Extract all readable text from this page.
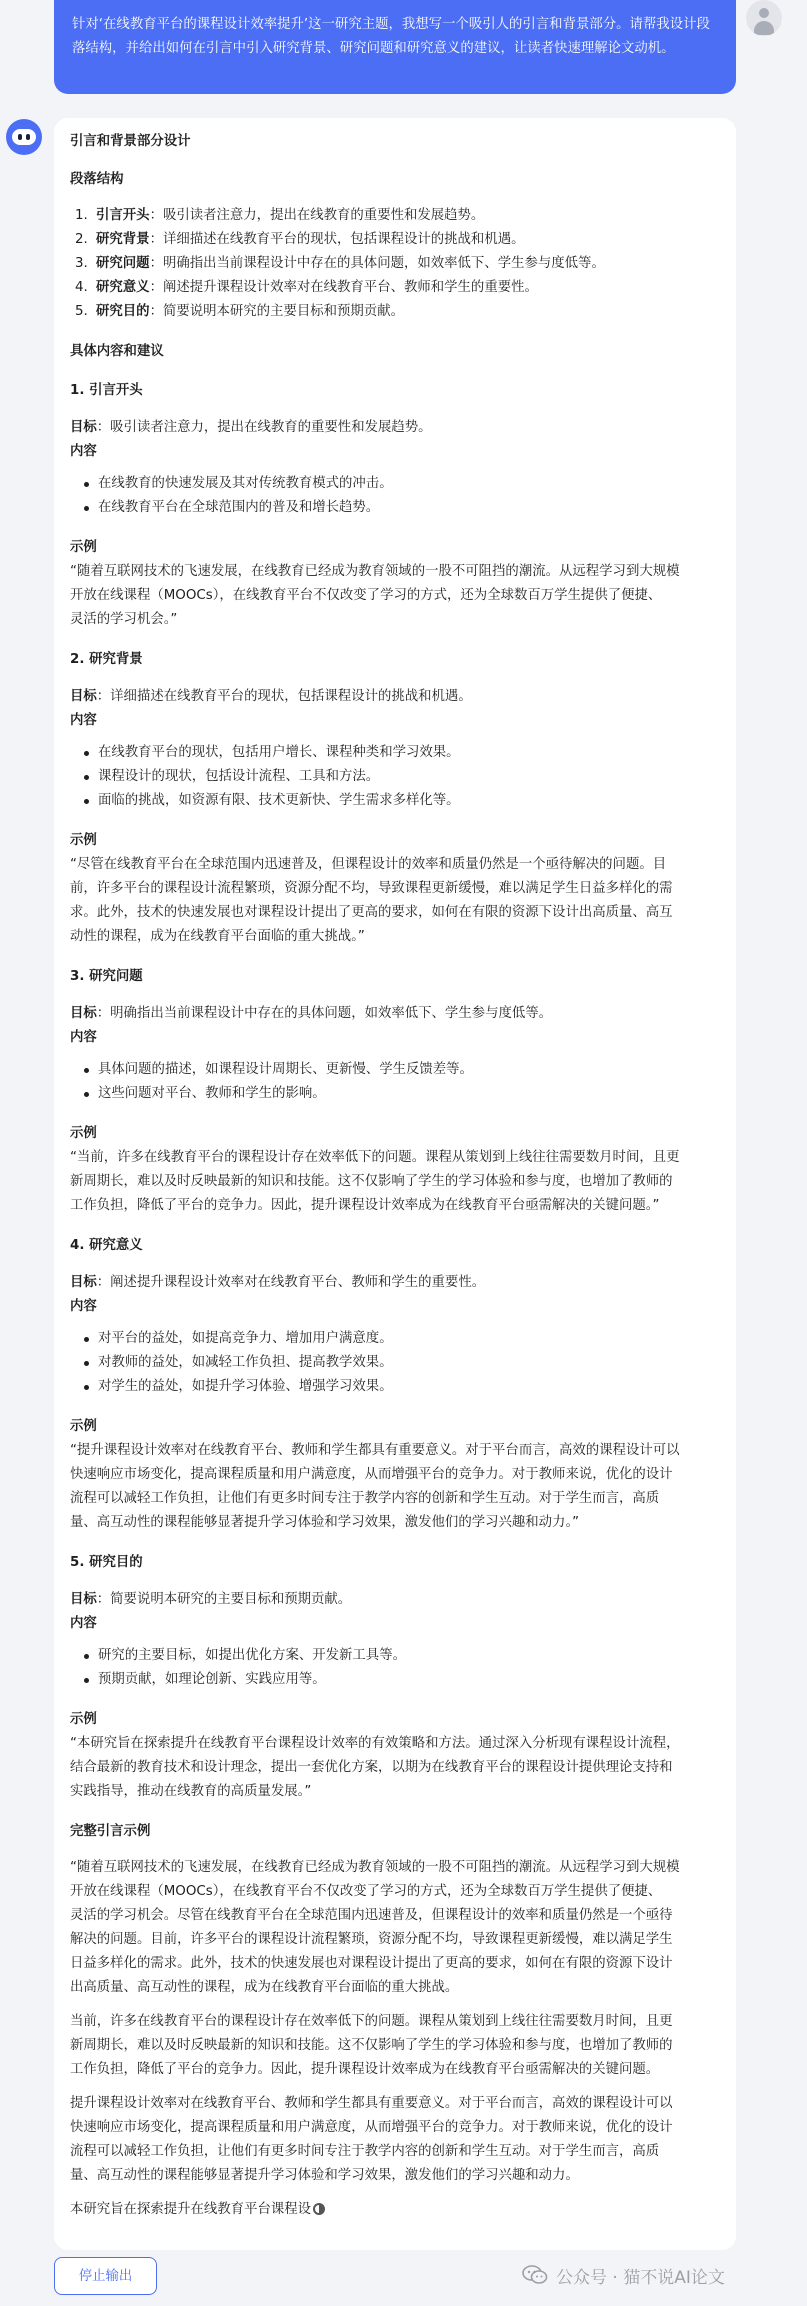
针对‘在线教育平台的课程设计效率提升’这一研究主题，我想写一个吸引人的引言和背景部分。请帮我设计段落结构，并给出如何在引言中引入研究背景、研究问题和研究意义的建议，让读者快速理解论文动机。

引言和背景部分设计

段落结构

1. 引言开头：吸引读者注意力，提出在线教育的重要性和发展趋势。
2. 研究背景：详细描述在线教育平台的现状，包括课程设计的挑战和机遇。
3. 研究问题：明确指出当前课程设计中存在的具体问题，如效率低下、学生参与度低等。
4. 研究意义：阐述提升课程设计效率对在线教育平台、教师和学生的重要性。
5. 研究目的：简要说明本研究的主要目标和预期贡献。

具体内容和建议

1. 引言开头

目标：吸引读者注意力，提出在线教育的重要性和发展趋势。

内容

在线教育的快速发展及其对传统教育模式的冲击。
在线教育平台在全球范围内的普及和增长趋势。

示例

“随着互联网技术的飞速发展，在线教育已经成为教育领域的一股不可阻挡的潮流。从远程学习到大规模

开放在线课程（MOOCs），在线教育平台不仅改变了学习的方式，还为全球数百万学生提供了便捷、

灵活的学习机会。”

2. 研究背景

目标：详细描述在线教育平台的现状，包括课程设计的挑战和机遇。

内容

在线教育平台的现状，包括用户增长、课程种类和学习效果。
课程设计的现状，包括设计流程、工具和方法。
面临的挑战，如资源有限、技术更新快、学生需求多样化等。

示例

“尽管在线教育平台在全球范围内迅速普及，但课程设计的效率和质量仍然是一个亟待解决的问题。目

前，许多平台的课程设计流程繁琐，资源分配不均，导致课程更新缓慢，难以满足学生日益多样化的需

求。此外，技术的快速发展也对课程设计提出了更高的要求，如何在有限的资源下设计出高质量、高互

动性的课程，成为在线教育平台面临的重大挑战。”

3. 研究问题

目标：明确指出当前课程设计中存在的具体问题，如效率低下、学生参与度低等。

内容

具体问题的描述，如课程设计周期长、更新慢、学生反馈差等。
这些问题对平台、教师和学生的影响。

示例

“当前，许多在线教育平台的课程设计存在效率低下的问题。课程从策划到上线往往需要数月时间，且更

新周期长，难以及时反映最新的知识和技能。这不仅影响了学生的学习体验和参与度，也增加了教师的

工作负担，降低了平台的竞争力。因此，提升课程设计效率成为在线教育平台亟需解决的关键问题。”

4. 研究意义

目标：阐述提升课程设计效率对在线教育平台、教师和学生的重要性。

内容

对平台的益处，如提高竞争力、增加用户满意度。
对教师的益处，如减轻工作负担、提高教学效果。
对学生的益处，如提升学习体验、增强学习效果。

示例

“提升课程设计效率对在线教育平台、教师和学生都具有重要意义。对于平台而言，高效的课程设计可以

快速响应市场变化，提高课程质量和用户满意度，从而增强平台的竞争力。对于教师来说，优化的设计

流程可以减轻工作负担，让他们有更多时间专注于教学内容的创新和学生互动。对于学生而言，高质

量、高互动性的课程能够显著提升学习体验和学习效果，激发他们的学习兴趣和动力。”

5. 研究目的

目标：简要说明本研究的主要目标和预期贡献。

内容

研究的主要目标，如提出优化方案、开发新工具等。
预期贡献，如理论创新、实践应用等。

示例

“本研究旨在探索提升在线教育平台课程设计效率的有效策略和方法。通过深入分析现有课程设计流程，

结合最新的教育技术和设计理念，提出一套优化方案，以期为在线教育平台的课程设计提供理论支持和

实践指导，推动在线教育的高质量发展。”

完整引言示例

“随着互联网技术的飞速发展，在线教育已经成为教育领域的一股不可阻挡的潮流。从远程学习到大规模

开放在线课程（MOOCs），在线教育平台不仅改变了学习的方式，还为全球数百万学生提供了便捷、

灵活的学习机会。尽管在线教育平台在全球范围内迅速普及，但课程设计的效率和质量仍然是一个亟待

解决的问题。目前，许多平台的课程设计流程繁琐，资源分配不均，导致课程更新缓慢，难以满足学生

日益多样化的需求。此外，技术的快速发展也对课程设计提出了更高的要求，如何在有限的资源下设计

出高质量、高互动性的课程，成为在线教育平台面临的重大挑战。

当前，许多在线教育平台的课程设计存在效率低下的问题。课程从策划到上线往往需要数月时间，且更

新周期长，难以及时反映最新的知识和技能。这不仅影响了学生的学习体验和参与度，也增加了教师的

工作负担，降低了平台的竞争力。因此，提升课程设计效率成为在线教育平台亟需解决的关键问题。

提升课程设计效率对在线教育平台、教师和学生都具有重要意义。对于平台而言，高效的课程设计可以

快速响应市场变化，提高课程质量和用户满意度，从而增强平台的竞争力。对于教师来说，优化的设计

流程可以减轻工作负担，让他们有更多时间专注于教学内容的创新和学生互动。对于学生而言，高质

量、高互动性的课程能够显著提升学习体验和学习效果，激发他们的学习兴趣和动力。

本研究旨在探索提升在线教育平台课程设

停止输出	公众号 · 猫不说AI论文
